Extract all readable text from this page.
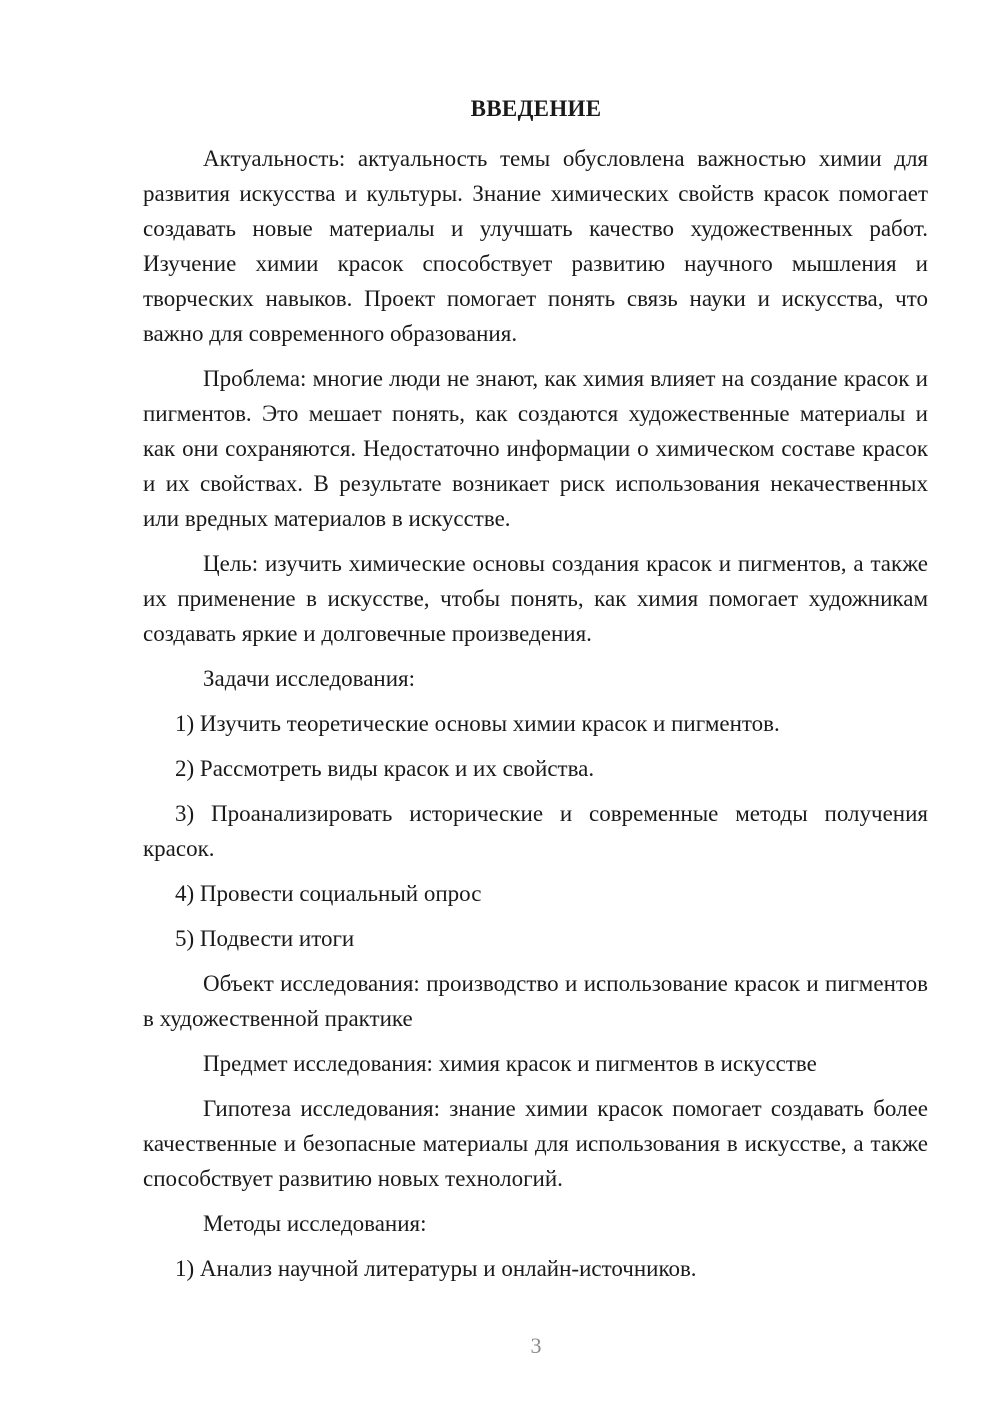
ВВЕДЕНИЕ

Актуальность: актуальность темы обусловлена важностью химии для развития искусства и культуры. Знание химических свойств красок помогает создавать новые материалы и улучшать качество художественных работ. Изучение химии красок способствует развитию научного мышления и творческих навыков. Проект помогает понять связь науки и искусства, что важно для современного образования.

Проблема: многие люди не знают, как химия влияет на создание красок и пигментов. Это мешает понять, как создаются художественные материалы и как они сохраняются. Недостаточно информации о химическом составе красок и их свойствах. В результате возникает риск использования некачественных или вредных материалов в искусстве.

Цель: изучить химические основы создания красок и пигментов, а также их применение в искусстве, чтобы понять, как химия помогает художникам создавать яркие и долговечные произведения.

Задачи исследования:

1) Изучить теоретические основы химии красок и пигментов.

2) Рассмотреть виды красок и их свойства.

3) Проанализировать исторические и современные методы получения красок.

4) Провести социальный опрос

5) Подвести итоги

Объект исследования: производство и использование красок и пигментов в художественной практике

Предмет исследования: химия красок и пигментов в искусстве

Гипотеза исследования: знание химии красок помогает создавать более качественные и безопасные материалы для использования в искусстве, а также способствует развитию новых технологий.

Методы исследования:

1) Анализ научной литературы и онлайн-источников.

3
